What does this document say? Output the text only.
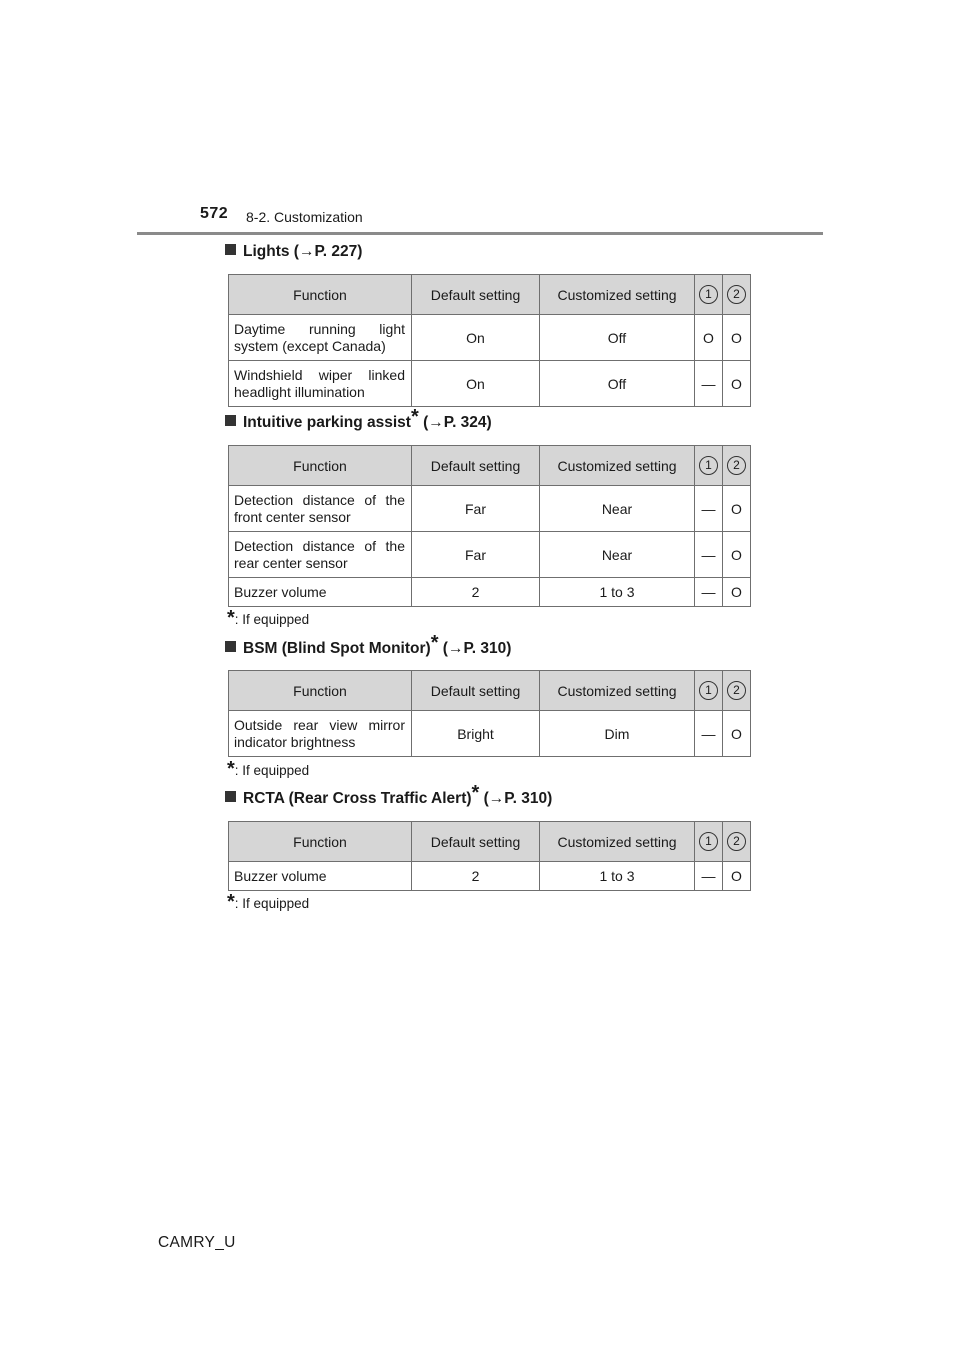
572 8-2. Customization
Lights (→P. 227)
Function	Default setting	Customized setting	1	2
Daytime running light system (except Canada)	On	Off	O	O
Windshield wiper linked headlight illumination	On	Off	—	O
Intuitive parking assist* (→P. 324)
Function	Default setting	Customized setting	1	2
Detection distance of the front center sensor	Far	Near	—	O
Detection distance of the rear center sensor	Far	Near	—	O
Buzzer volume	2	1 to 3	—	O
*: If equipped
BSM (Blind Spot Monitor)* (→P. 310)
Function	Default setting	Customized setting	1	2
Outside rear view mirror indicator brightness	Bright	Dim	—	O
*: If equipped
RCTA (Rear Cross Traffic Alert)* (→P. 310)
Function	Default setting	Customized setting	1	2
Buzzer volume	2	1 to 3	—	O
*: If equipped
CAMRY_U
